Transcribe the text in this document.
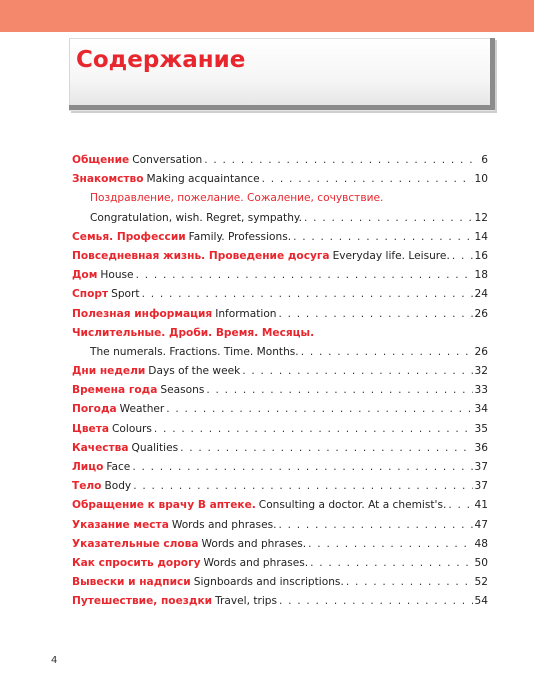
Содержание
Общение Conversation . . .	6
Знакомство Making acquaintance . . .	10
Поздравление, пожелание. Сожаление, сочувствие.
Congratulation, wish. Regret, sympathy. . . .	12
Семья. Профессии Family. Professions. . . .	14
Повседневная жизнь. Проведение досуга Everyday life. Leisure. . . . 16
Дом House . . .	18
Спорт Sport . . .	24
Полезная информация Information . . .	26
Числительные. Дроби. Время. Месяцы.
The numerals. Fractions. Time. Months. . . .	26
Дни недели Days of the week . . .	32
Времена года Seasons . . .	33
Погода Weather . . .	34
Цвета Colours . . .	35
Качества Qualities . . .	36
Лицо Face . . .	37
Тело Body . . .	37
Обращение к врачу В аптеке. Consulting a doctor. At a chemist's. . . .	41
Указание места Words and phrases. . . .	47
Указательные слова Words and phrases. . . .	48
Как спросить дорогу Words and phrases. . . .	50
Вывески и надписи Signboards and inscriptions. . . .	52
Путешествие, поездки Travel, trips . . .	54
4
